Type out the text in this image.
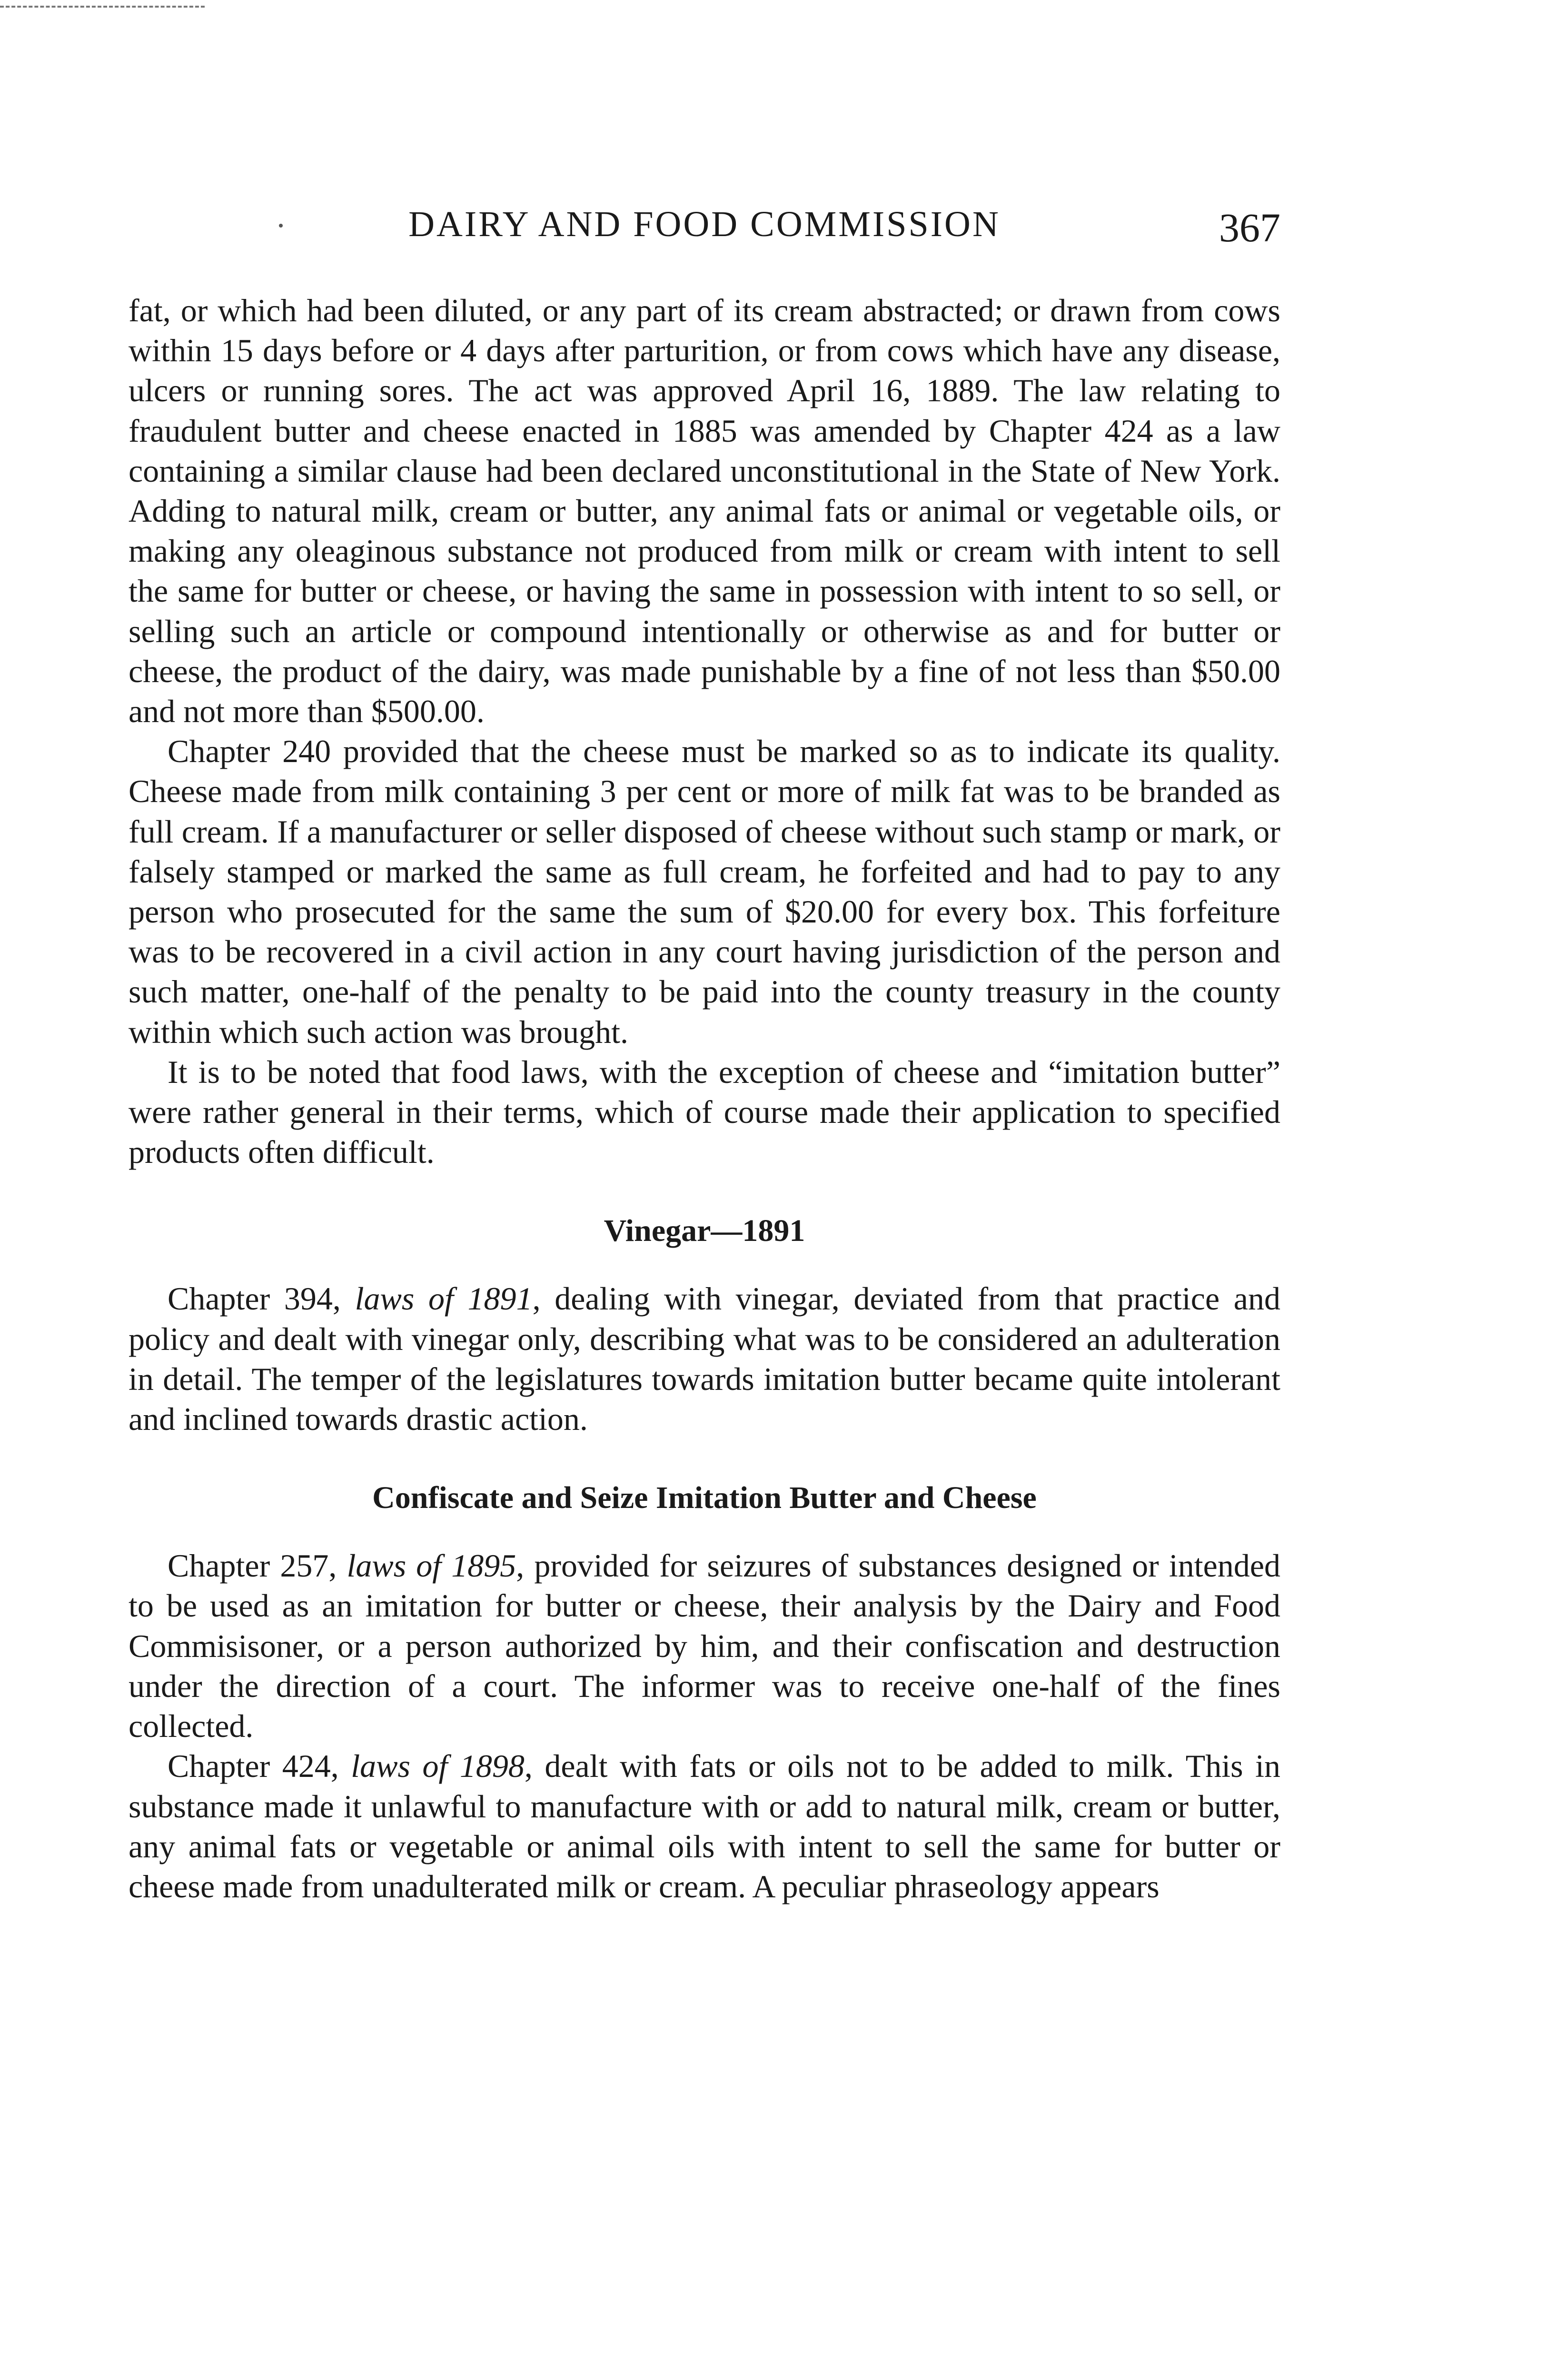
DAIRY AND FOOD COMMISSION	367

fat, or which had been diluted, or any part of its cream abstracted; or drawn from cows within 15 days before or 4 days after parturition, or from cows which have any disease, ulcers or running sores. The act was approved April 16, 1889. The law relating to fraudulent butter and cheese enacted in 1885 was amended by Chapter 424 as a law containing a similar clause had been declared unconstitutional in the State of New York. Adding to natural milk, cream or butter, any animal fats or animal or vegetable oils, or making any oleaginous substance not produced from milk or cream with intent to sell the same for butter or cheese, or having the same in possession with intent to so sell, or selling such an article or compound intentionally or otherwise as and for butter or cheese, the product of the dairy, was made punishable by a fine of not less than $50.00 and not more than $500.00.

Chapter 240 provided that the cheese must be marked so as to indicate its quality. Cheese made from milk containing 3 per cent or more of milk fat was to be branded as full cream. If a manufacturer or seller disposed of cheese without such stamp or mark, or falsely stamped or marked the same as full cream, he forfeited and had to pay to any person who prosecuted for the same the sum of $20.00 for every box. This forfeiture was to be recovered in a civil action in any court having jurisdiction of the person and such matter, one-half of the penalty to be paid into the county treasury in the county within which such action was brought.

It is to be noted that food laws, with the exception of cheese and “imitation butter” were rather general in their terms, which of course made their application to specified products often difficult.

Vinegar—1891

Chapter 394, laws of 1891, dealing with vinegar, deviated from that practice and policy and dealt with vinegar only, describing what was to be considered an adulteration in detail. The temper of the legislatures towards imitation butter became quite intolerant and inclined towards drastic action.

Confiscate and Seize Imitation Butter and Cheese

Chapter 257, laws of 1895, provided for seizures of substances designed or intended to be used as an imitation for butter or cheese, their analysis by the Dairy and Food Commisisoner, or a person authorized by him, and their confiscation and destruction under the direction of a court. The informer was to receive one-half of the fines collected.

Chapter 424, laws of 1898, dealt with fats or oils not to be added to milk. This in substance made it unlawful to manufacture with or add to natural milk, cream or butter, any animal fats or vegetable or animal oils with intent to sell the same for butter or cheese made from unadulterated milk or cream. A peculiar phraseology appears
